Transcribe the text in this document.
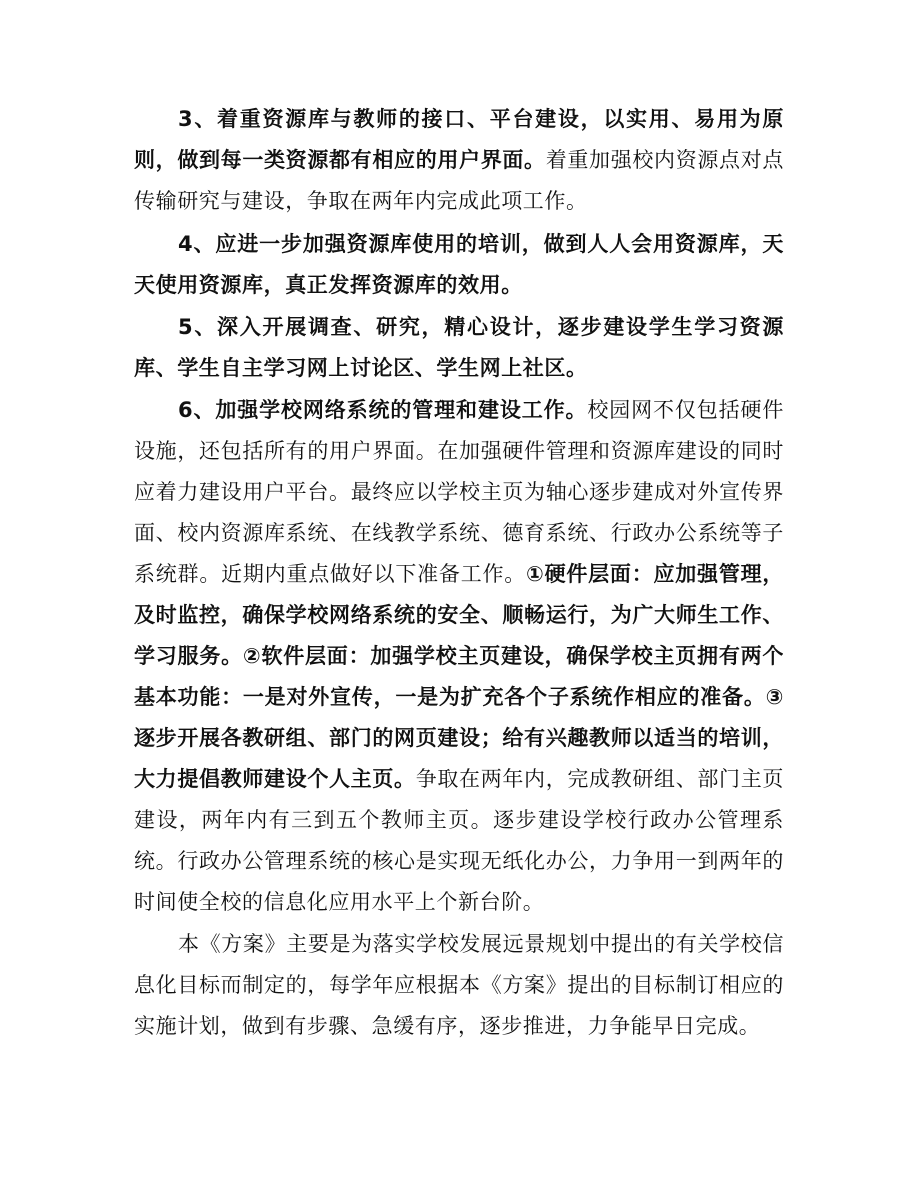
3、着重资源库与教师的接口、平台建设，以实用、易用为原则，做到每一类资源都有相应的用户界面。着重加强校内资源点对点传输研究与建设，争取在两年内完成此项工作。

4、应进一步加强资源库使用的培训，做到人人会用资源库，天天使用资源库，真正发挥资源库的效用。

5、深入开展调查、研究，精心设计，逐步建设学生学习资源库、学生自主学习网上讨论区、学生网上社区。

6、加强学校网络系统的管理和建设工作。校园网不仅包括硬件设施，还包括所有的用户界面。在加强硬件管理和资源库建设的同时应着力建设用户平台。最终应以学校主页为轴心逐步建成对外宣传界面、校内资源库系统、在线教学系统、德育系统、行政办公系统等子系统群。近期内重点做好以下准备工作。①硬件层面：应加强管理，及时监控，确保学校网络系统的安全、顺畅运行，为广大师生工作、学习服务。②软件层面：加强学校主页建设，确保学校主页拥有两个基本功能：一是对外宣传，一是为扩充各个子系统作相应的准备。③逐步开展各教研组、部门的网页建设；给有兴趣教师以适当的培训，大力提倡教师建设个人主页。争取在两年内，完成教研组、部门主页建设，两年内有三到五个教师主页。逐步建设学校行政办公管理系统。行政办公管理系统的核心是实现无纸化办公，力争用一到两年的时间使全校的信息化应用水平上个新台阶。

本《方案》主要是为落实学校发展远景规划中提出的有关学校信息化目标而制定的，每学年应根据本《方案》提出的目标制订相应的实施计划，做到有步骤、急缓有序，逐步推进，力争能早日完成。
